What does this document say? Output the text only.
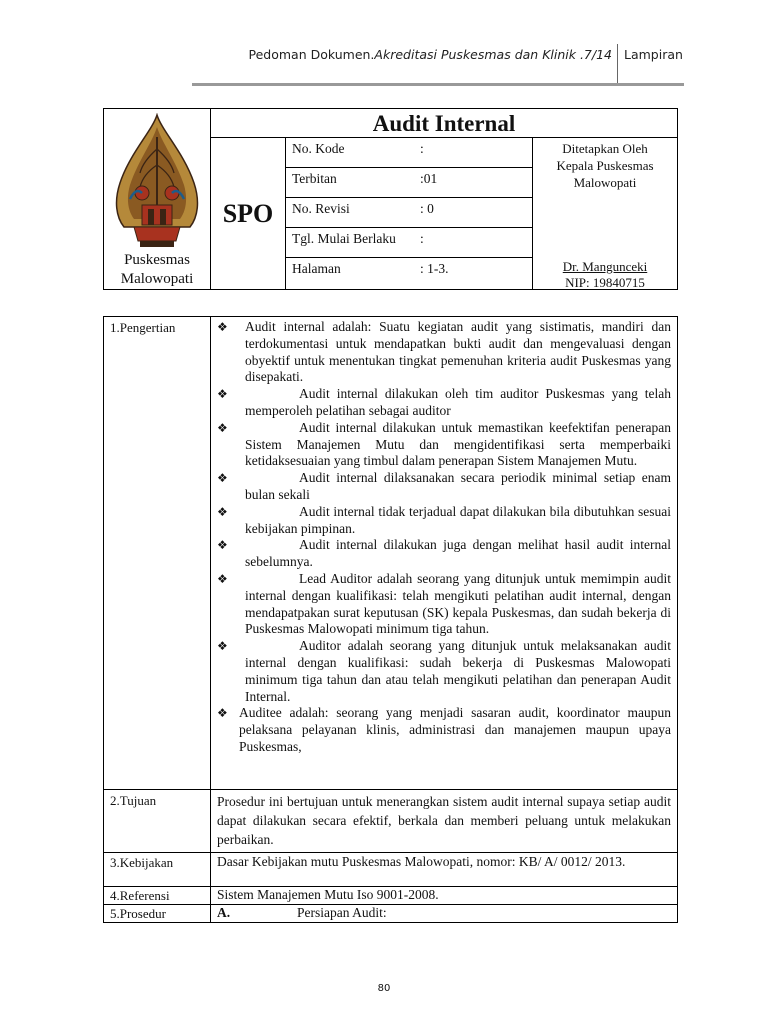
Pedoman Dokumen.Akreditasi Puskesmas dan Klinik .7/14 Lampiran
Puskesmas
Malowopati
Audit Internal
SPO
No. Kode	:
Terbitan	:01
No. Revisi	: 0
Tgl. Mulai Berlaku :
Halaman	: 1-3.
Ditetapkan Oleh
Kepala Puskesmas
Malowopati
Dr. Mangunceki
NIP: 19840715
1.Pengertian	❖ Audit internal adalah: Suatu kegiatan audit yang sistimatis, mandiri dan terdokumentasi untuk mendapatkan bukti audit dan mengevaluasi dengan obyektif untuk menentukan tingkat pemenuhan kriteria audit Puskesmas yang disepakati.
❖	Audit internal dilakukan oleh tim auditor Puskesmas yang telah memperoleh pelatihan sebagai auditor
❖	Audit internal dilakukan untuk memastikan keefektifan penerapan Sistem Manajemen Mutu dan mengidentifikasi serta memperbaiki ketidaksesuaian yang timbul dalam penerapan Sistem Manajemen Mutu.
❖	Audit internal dilaksanakan secara periodik minimal setiap enam bulan sekali
❖	Audit internal tidak terjadual dapat dilakukan bila dibutuhkan sesuai kebijakan pimpinan.
❖	Audit internal dilakukan juga dengan melihat hasil audit internal sebelumnya.
❖	Lead Auditor adalah seorang yang ditunjuk untuk memimpin audit internal dengan kualifikasi: telah mengikuti pelatihan audit internal, dengan mendapatpakan surat keputusan (SK) kepala Puskesmas, dan sudah bekerja di Puskesmas Malowopati minimum tiga tahun.
❖	Auditor adalah seorang yang ditunjuk untuk melaksanakan audit internal dengan kualifikasi: sudah bekerja di Puskesmas Malowopati minimum tiga tahun dan atau telah mengikuti pelatihan dan penerapan Audit Internal.
❖ Auditee adalah: seorang yang menjadi sasaran audit, koordinator maupun pelaksana pelayanan klinis, administrasi dan manajemen maupun upaya Puskesmas,
2.Tujuan	Prosedur ini bertujuan untuk menerangkan sistem audit internal supaya setiap audit dapat dilakukan secara efektif, berkala dan memberi peluang untuk melakukan perbaikan.
3.Kebijakan	Dasar Kebijakan mutu Puskesmas Malowopati, nomor: KB/ A/ 0012/ 2013.
4.Referensi	Sistem Manajemen Mutu Iso 9001-2008.
5.Prosedur	A.	Persiapan Audit:
80
